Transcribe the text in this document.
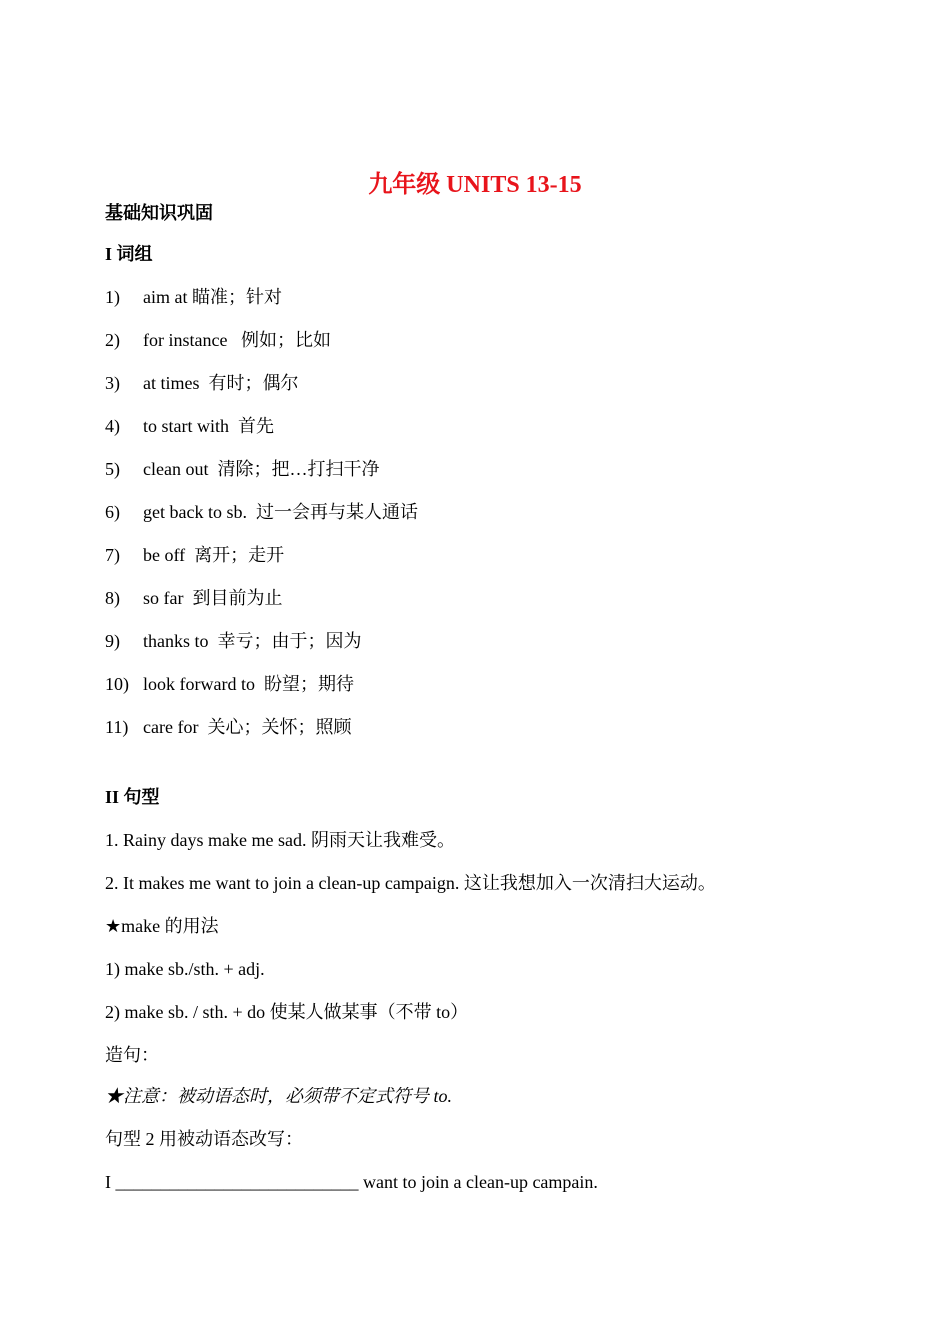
九年级 UNITS 13-15
基础知识巩固
I 词组
1)	aim at 瞄准；针对
2)	for instance   例如；比如
3)	at times  有时；偶尔
4)	to start with  首先
5)	clean out  清除；把…打扫干净
6)	get back to sb.  过一会再与某人通话
7)	be off  离开；走开
8)	so far  到目前为止
9)	thanks to  幸亏；由于；因为
10) look forward to  盼望；期待
11) care for  关心；关怀；照顾
II 句型
1. Rainy days make me sad. 阴雨天让我难受。
2. It makes me want to join a clean-up campaign. 这让我想加入一次清扫大运动。
★make 的用法
1) make sb./sth. + adj.
2) make sb. / sth. + do 使某人做某事（不带 to）
造句：
★注意：被动语态时，必须带不定式符号 to.
句型 2 用被动语态改写：
I ___________________________ want to join a clean-up campain.
